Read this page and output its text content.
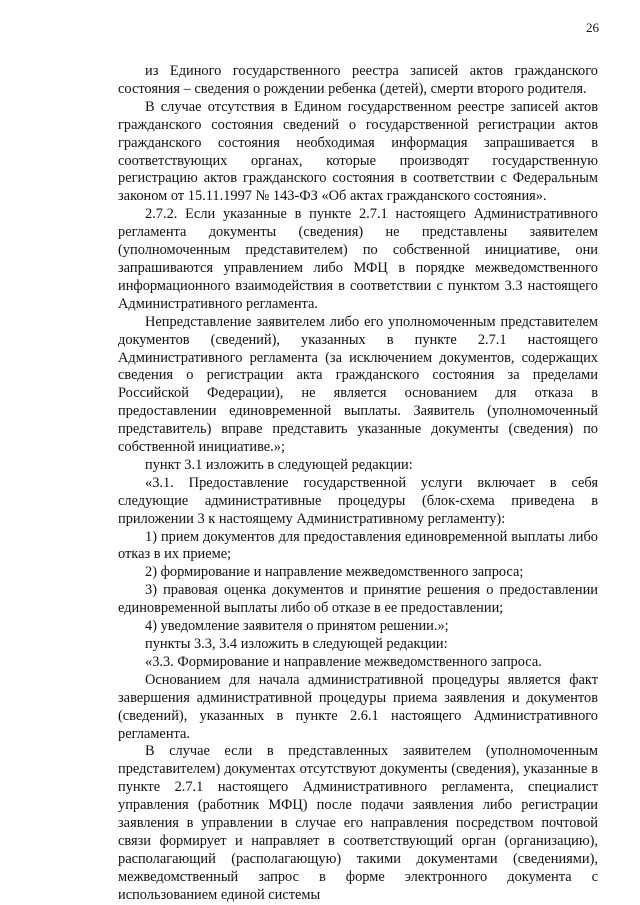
26

из Единого государственного реестра записей актов гражданского состояния – сведения о рождении ребенка (детей), смерти второго родителя.

В случае отсутствия в Едином государственном реестре записей актов гражданского состояния сведений о государственной регистрации актов гражданского состояния необходимая информация запрашивается в соответствующих органах, которые производят государственную регистрацию актов гражданского состояния в соответствии с Федеральным законом от 15.11.1997 № 143-ФЗ «Об актах гражданского состояния».

2.7.2. Если указанные в пункте 2.7.1 настоящего Административного регламента документы (сведения) не представлены заявителем (уполномоченным представителем) по собственной инициативе, они запрашиваются управлением либо МФЦ в порядке межведомственного информационного взаимодействия в соответствии с пунктом 3.3 настоящего Административного регламента.

Непредставление заявителем либо его уполномоченным представителем документов (сведений), указанных в пункте 2.7.1 настоящего Административного регламента (за исключением документов, содержащих сведения о регистрации акта гражданского состояния за пределами Российской Федерации), не является основанием для отказа в предоставлении единовременной выплаты. Заявитель (уполномоченный представитель) вправе представить указанные документы (сведения) по собственной инициативе.»;

пункт 3.1 изложить в следующей редакции:

«3.1. Предоставление государственной услуги включает в себя следующие административные процедуры (блок-схема приведена в приложении 3 к настоящему Административному регламенту):

1) прием документов для предоставления единовременной выплаты либо отказ в их приеме;

2) формирование и направление межведомственного запроса;

3) правовая оценка документов и принятие решения о предоставлении единовременной выплаты либо об отказе в ее предоставлении;

4) уведомление заявителя о принятом решении.»;

пункты 3.3, 3.4 изложить в следующей редакции:

«3.3. Формирование и направление межведомственного запроса.

Основанием для начала административной процедуры является факт завершения административной процедуры приема заявления и документов (сведений), указанных в пункте 2.6.1 настоящего Административного регламента.

В случае если в представленных заявителем (уполномоченным представителем) документах отсутствуют документы (сведения), указанные в пункте 2.7.1 настоящего Административного регламента, специалист управления (работник МФЦ) после подачи заявления либо регистрации заявления в управлении в случае его направления посредством почтовой связи формирует и направляет в соответствующий орган (организацию), располагающий (располагающую) такими документами (сведениями), межведомственный запрос в форме электронного документа с использованием единой системы
